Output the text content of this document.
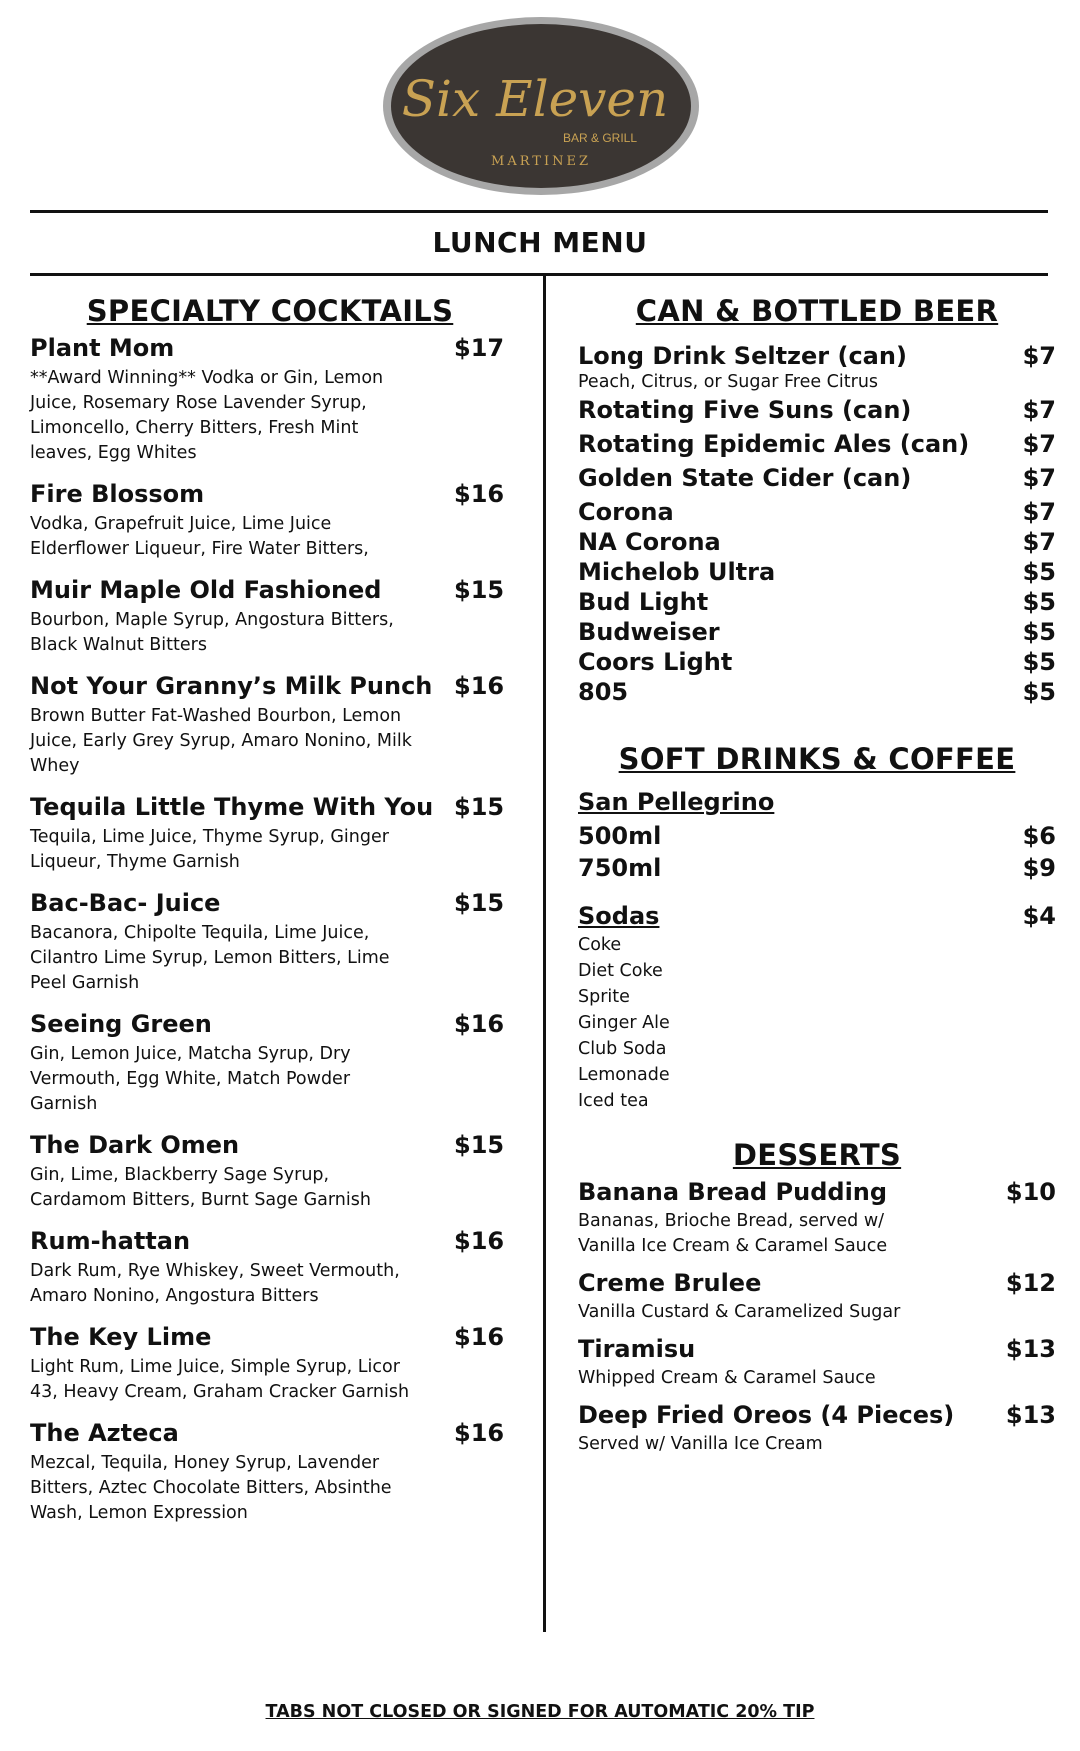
Six Eleven
BAR & GRILL
MARTINEZ
LUNCH MENU
SPECIALTY COCKTAILS
Plant Mom	$17
**Award Winning** Vodka or Gin, Lemon Juice, Rosemary Rose Lavender Syrup, Limoncello, Cherry Bitters, Fresh Mint leaves, Egg Whites
Fire Blossom	$16
Vodka, Grapefruit Juice, Lime Juice Elderflower Liqueur, Fire Water Bitters,
Muir Maple Old Fashioned	$15
Bourbon, Maple Syrup, Angostura Bitters, Black Walnut Bitters
Not Your Granny’s Milk Punch $16
Brown Butter Fat-Washed Bourbon, Lemon Juice, Early Grey Syrup, Amaro Nonino, Milk Whey
Tequila Little Thyme With You $15
Tequila, Lime Juice, Thyme Syrup, Ginger Liqueur, Thyme Garnish
Bac-Bac- Juice	$15
Bacanora, Chipolte Tequila, Lime Juice, Cilantro Lime Syrup, Lemon Bitters, Lime Peel Garnish
Seeing Green	$16
Gin, Lemon Juice, Matcha Syrup, Dry Vermouth, Egg White, Match Powder Garnish
The Dark Omen	$15
Gin, Lime, Blackberry Sage Syrup, Cardamom Bitters, Burnt Sage Garnish
Rum-hattan	$16
Dark Rum, Rye Whiskey, Sweet Vermouth, Amaro Nonino, Angostura Bitters
The Key Lime	$16
Light Rum, Lime Juice, Simple Syrup, Licor 43, Heavy Cream, Graham Cracker Garnish
The Azteca	$16
Mezcal, Tequila, Honey Syrup, Lavender Bitters, Aztec Chocolate Bitters, Absinthe Wash, Lemon Expression
CAN & BOTTLED BEER
Long Drink Seltzer (can)	$7
Peach, Citrus, or Sugar Free Citrus
Rotating Five Suns (can)	$7
Rotating Epidemic Ales (can) $7
Golden State Cider (can)	$7
Corona	$7
NA Corona	$7
Michelob Ultra	$5
Bud Light	$5
Budweiser	$5
Coors Light	$5
805	$5
SOFT DRINKS & COFFEE
San Pellegrino
500ml	$6
750ml	$9
Sodas	$4
Coke
Diet Coke
Sprite
Ginger Ale
Club Soda
Lemonade
Iced tea
DESSERTS
Banana Bread Pudding	$10
Bananas, Brioche Bread, served w/ Vanilla Ice Cream & Caramel Sauce
Creme Brulee	$12
Vanilla Custard & Caramelized Sugar
Tiramisu	$13
Whipped Cream & Caramel Sauce
Deep Fried Oreos (4 Pieces) $13
Served w/ Vanilla Ice Cream
TABS NOT CLOSED OR SIGNED FOR AUTOMATIC 20% TIP
